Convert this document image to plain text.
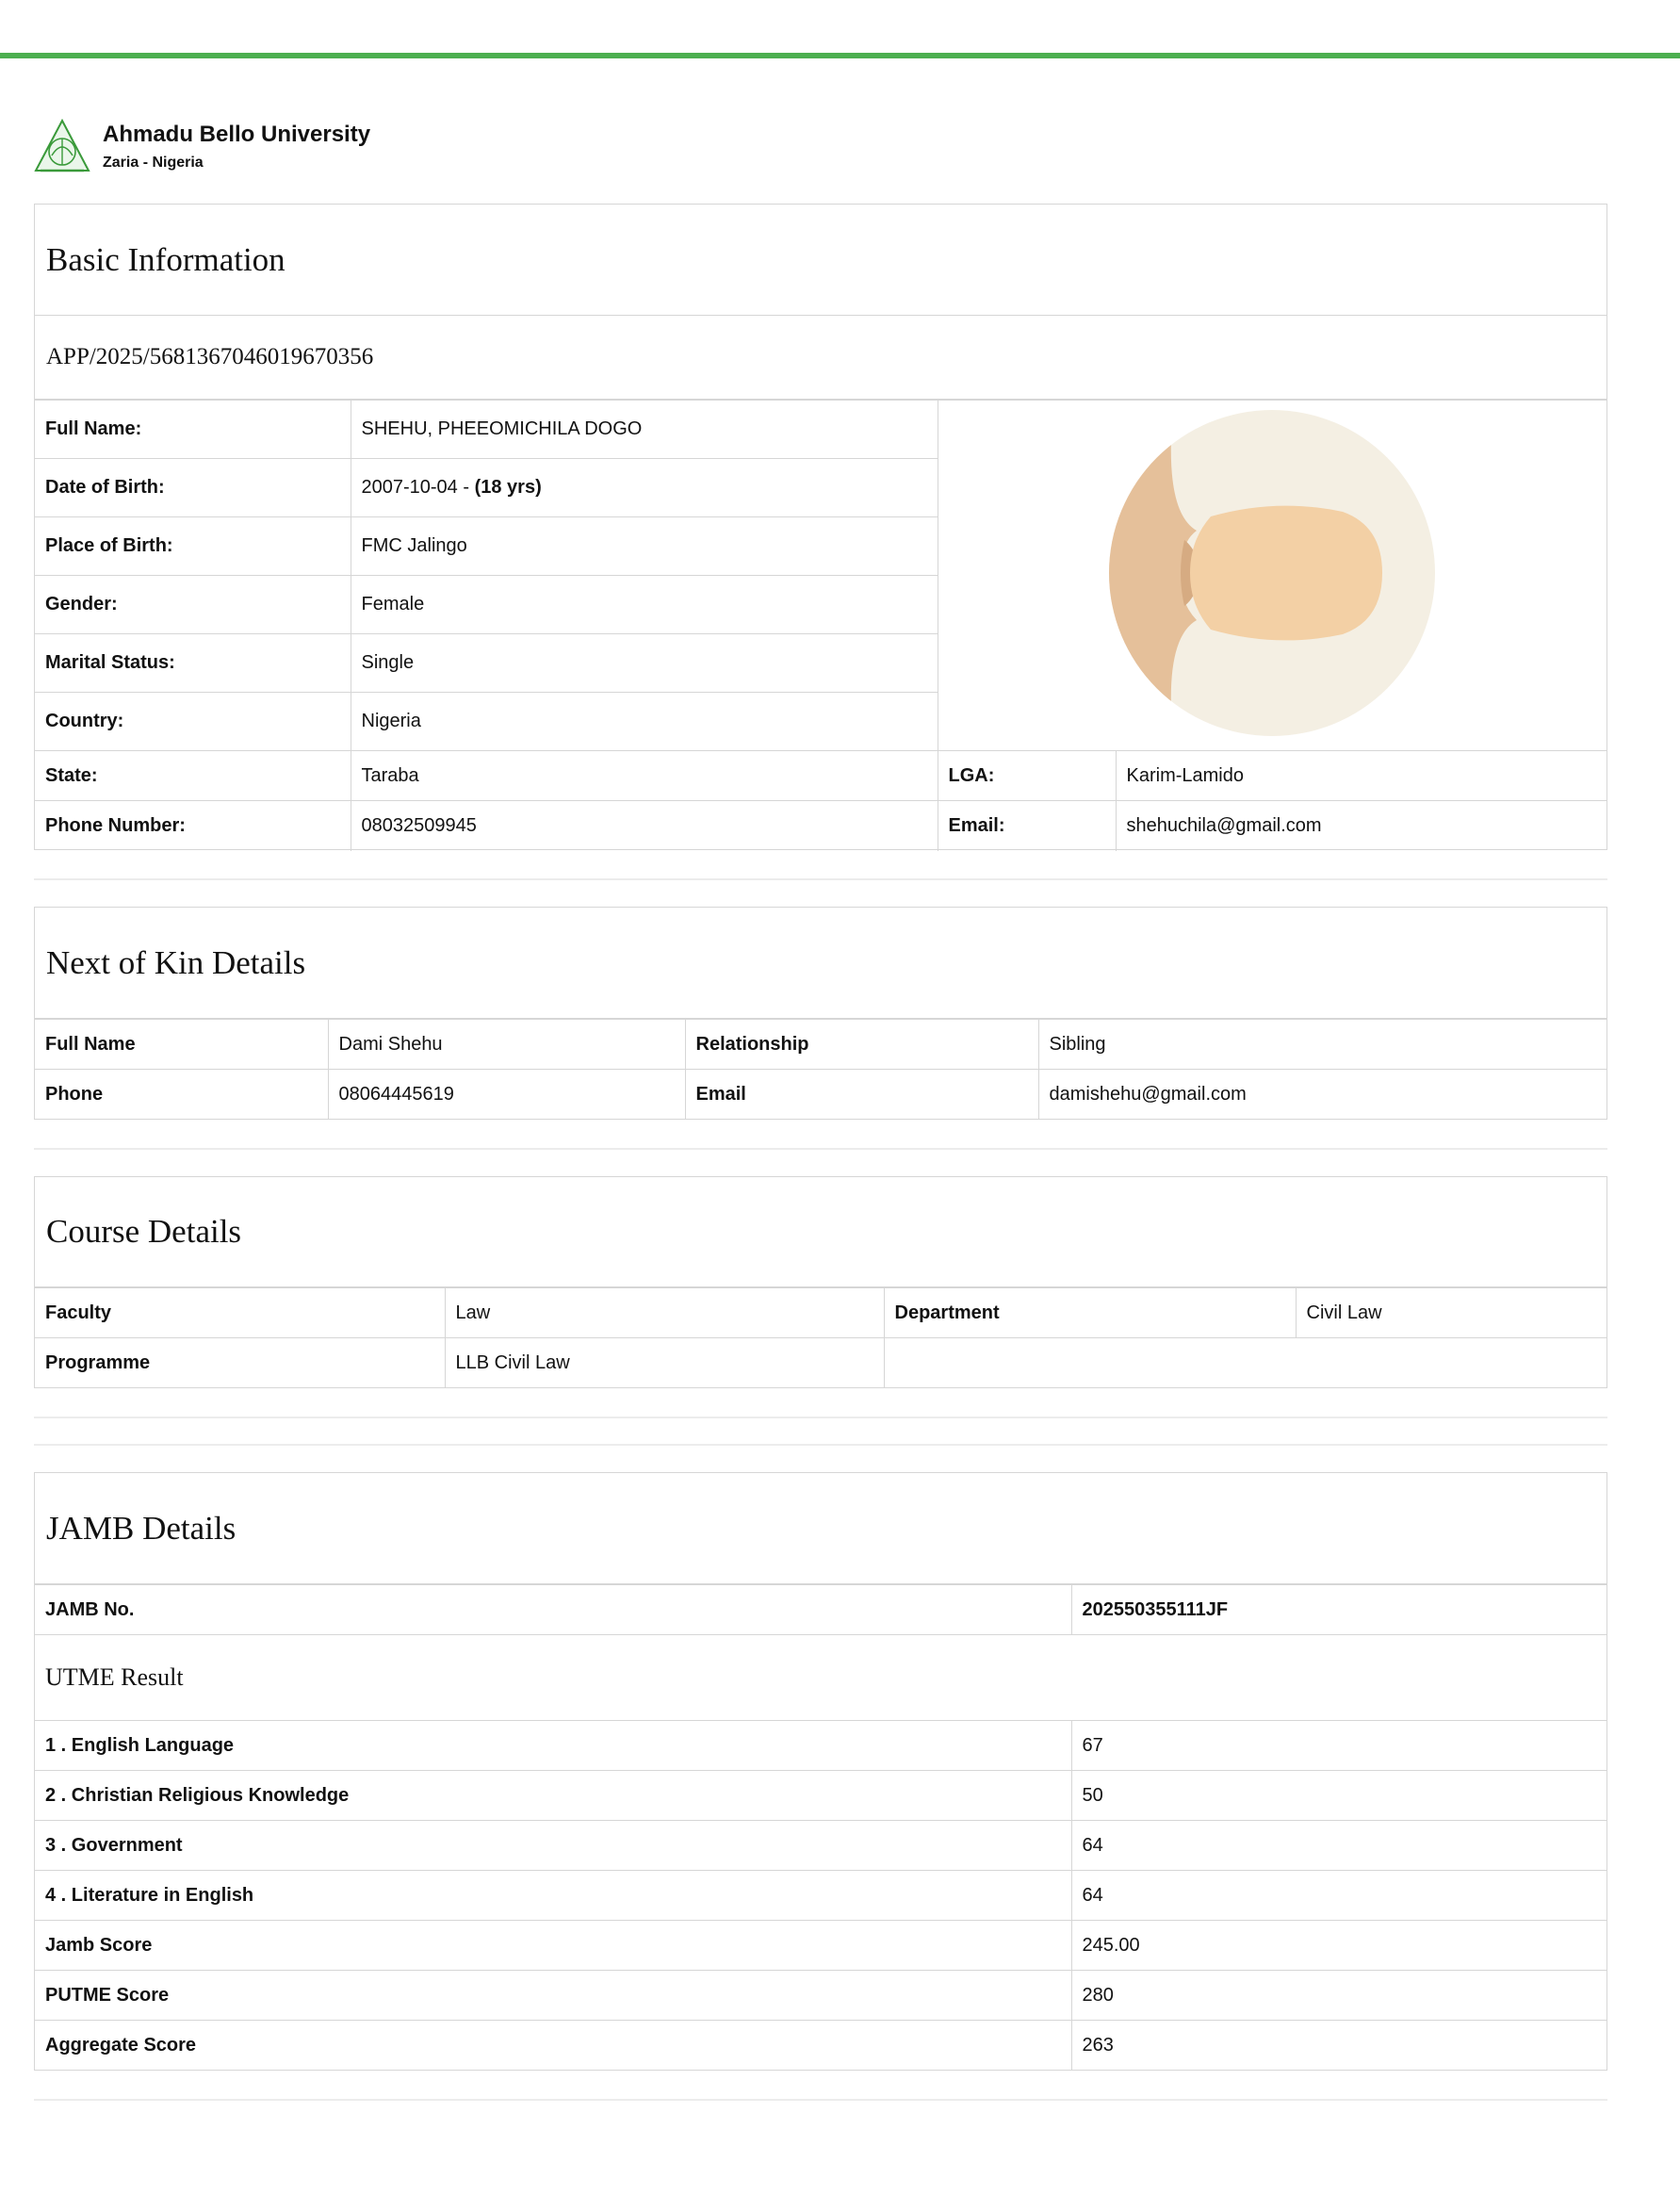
Ahmadu Bello University
Zaria - Nigeria
Basic Information
APP/2025/5681367046019670356
Full Name:	SHEHU, PHEEOMICHILA DOGO	
Date of Birth:	2007-10-04 - (18 yrs)		
Place of Birth:	FMC Jalingo		
Gender:	Female		
Marital Status:	Single		
Country:	Nigeria		
State:	Taraba	LGA:	Karim-Lamido
Phone Number:	08032509945	Email:	shehuchila@gmail.com
Next of Kin Details
Full Name	Dami Shehu	Relationship	Sibling
Phone	08064445619	Email	damishehu@gmail.com
Course Details
Faculty	Law	Department	Civil Law
Programme	LLB Civil Law		
JAMB Details
JAMB No.	202550355111JF
UTME Result	
1 . English Language	67
2 . Christian Religious Knowledge	50
3 . Government	64
4 . Literature in English	64
Jamb Score	245.00
PUTME Score	280
Aggregate Score	263
